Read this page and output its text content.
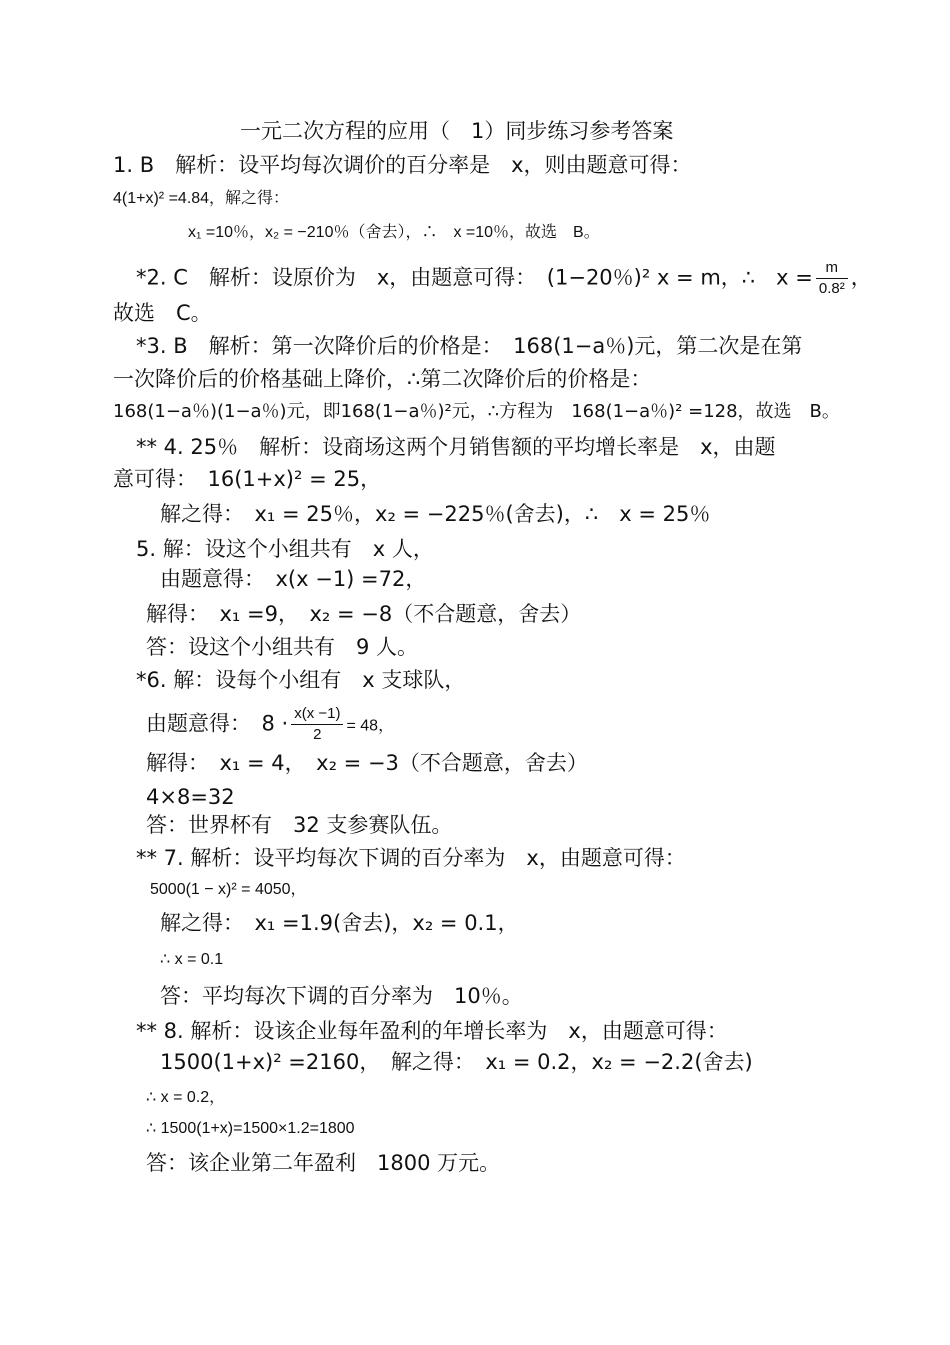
一元二次方程的应用（　1）同步练习参考答案
1. B　解析：设平均每次调价的百分率是　x，则由题意可得：
4(1+x)² =4.84，解之得：
x₁ =10％，x₂ = −210％（舍去），∴　x =10％，故选　B。
*2. C　解析：设原价为　x，由题意可得：　(1−20％)² x = m，∴　$x = \frac{m}{\text{0.8²}}$ ，
故选　C。
*3. B　解析：第一次降价后的价格是：　168(1−a％)元，第二次是在第
一次降价后的价格基础上降价，∴第二次降价后的价格是：
168(1−a％)(1−a％)元，即168(1−a％)²元，∴方程为　168(1−a％)² =128，故选　B。
** 4. 25％　解析：设商场这两个月销售额的平均增长率是　x，由题
意可得：　16(1+x)² = 25，
解之得：　x₁ = 25％，x₂ = −225％(舍去)，∴　x = 25％
5. 解：设这个小组共有　x 人，
由题意得：　x(x −1) =72，
解得：　x₁ =9，　x₂ = −8（不合题意，舍去）
答：设这个小组共有　9 人。
*6. 解：设每个小组有　x 支球队，
由题意得：　$8 \cdot \frac{x(x -1)}{2} = 48$，
解得：　x₁ = 4，　x₂ = −3（不合题意，舍去）
4×8=32
答：世界杯有　32 支参赛队伍。
** 7. 解析：设平均每次下调的百分率为　x，由题意可得：
5000(1 − x)² = 4050，
解之得：　x₁ =1.9(舍去)，x₂ = 0.1，
∴ x = 0.1
答：平均每次下调的百分率为　10％。
** 8. 解析：设该企业每年盈利的年增长率为　x，由题意可得：
1500(1+x)² =2160，　解之得：　x₁ = 0.2，x₂ = −2.2(舍去)
∴ x = 0.2，
∴ 1500(1+x)=1500×1.2=1800
答：该企业第二年盈利　1800 万元。
